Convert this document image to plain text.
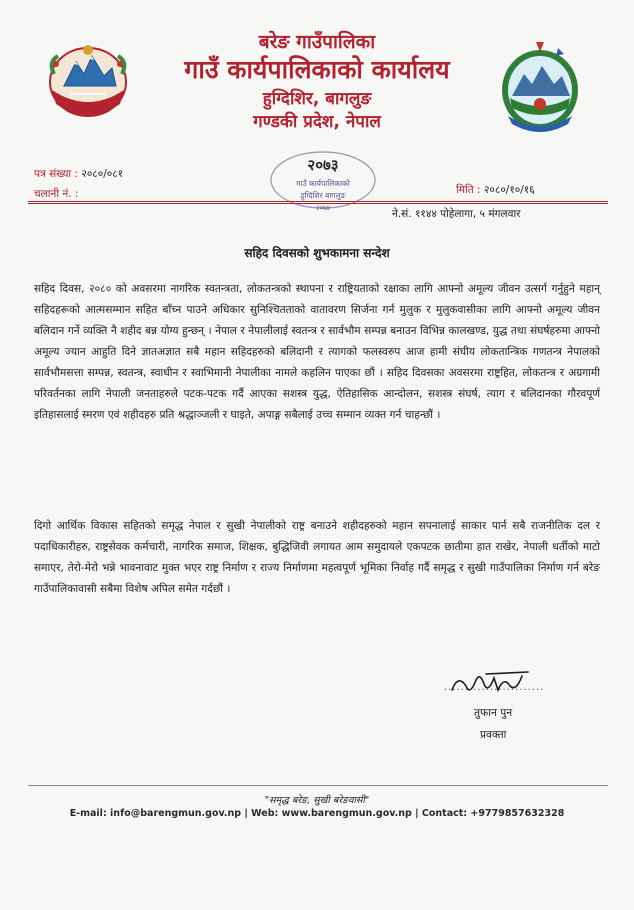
बरेङ गाउँपालिका
गाउँ कार्यपालिकाको कार्यालय
हुग्दिशिर, बागलुङ
गण्डकी प्रदेश, नेपाल
पत्र संख्या : २०८०/०८१
चलानी नं. :	मिति : २०८०/१०/१६
२०७३
गाउँ कार्यपालिकाको
हुग्दिशिर बागलुङ
२०७४	ने.सं. ११४४ पोहेलागा, ५ मंगलवार
सहिद दिवसको शुभकामना सन्देश
सहिद दिवस, २०८० को अवसरमा नागरिक स्वतन्त्रता, लोकतन्त्रको स्थापना र राष्ट्रियताको रक्षाका लागि आफ्नो अमूल्य जीवन उत्सर्ग गर्नुहुने महान् सहिदहरूको आत्मसम्मान सहित बाँच्न पाउने अधिकार सुनिश्चितताको वातावरण सिर्जना गर्न मुलुक र मुलुकवासीका लागि आफ्नो अमूल्य जीवन बलिदान गर्ने व्यक्ति नै शहीद बन्न योग्य हुन्छन् । नेपाल र नेपालीलाई स्वतन्त्र र सार्वभौम सम्पन्न बनाउन विभिन्न कालखण्ड, युद्ध तथा संघर्षहरुमा आफ्नो अमूल्य ज्यान आहुति दिने ज्ञातअज्ञात सबै महान सहिदहरुको बलिदानी र त्यागको फलस्वरुप आज हामी संघीय लोकतान्त्रिक गणतन्त्र नेपालको सार्वभौमसत्ता सम्पन्न, स्वतन्त्र, स्वाधीन र स्वाभिमानी नेपालीका नामले कहलिन पाएका छौं । सहिद दिवसका अवसरमा राष्ट्रहित, लोकतन्त्र र अग्रगामी परिवर्तनका लागि नेपाली जनताहरुले पटक-पटक गर्दै आएका सशस्त्र युद्ध, ऐतिहासिक आन्दोलन, सशस्त्र संघर्ष, त्याग र बलिदानका गौरवपूर्ण इतिहासलाई स्मरण एवं शहीदहरु प्रति श्रद्धाञ्जली र घाइते, अपाङ्ग सबैलाई उच्च सम्मान व्यक्त गर्न चाहन्छौं ।
दिगो आर्थिक विकास सहितको समृद्ध नेपाल र सुखी नेपालीको राष्ट्र बनाउने शहीदहरुको महान सपनालाई साकार पार्न सबै राजनीतिक दल र पदाधिकारीहरु, राष्ट्रसेवक कर्मचारी, नागरिक समाज, शिक्षक, बुद्धिजिवी लगायत आम समुदायले एकपटक छातीमा हात राखेर, नेपाली धर्तीको माटो समाएर, तेरो-मेरो भन्ने भावनावाट मुक्त भएर राष्ट्र निर्माण र राज्य निर्माणमा महत्वपूर्ण भूमिका निर्वाह गर्दै समृद्ध र सुखी गाउँपालिका निर्माण गर्न बरेङ गाउँपालिकावासी सबैमा विशेष अपिल समेत गर्दछौं ।
........................
तुफान पुन
प्रवक्ता
"समृद्ध बरेङ, सुखी बरेङवासी"
E-mail: info@barengmun.gov.np | Web: www.barengmun.gov.np | Contact: +9779857632328
